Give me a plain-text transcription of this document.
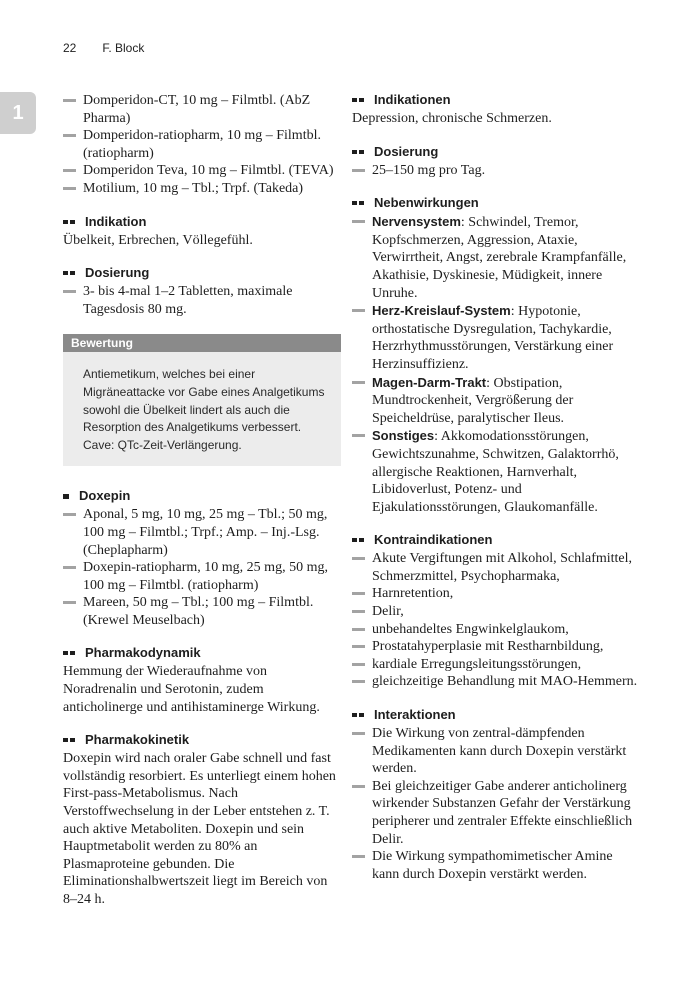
22 F. Block
1
Domperidon-CT, 10 mg – Filmtbl. (AbZ Pharma)
Domperidon-ratiopharm, 10 mg – Filmtbl. (ratiopharm)
Domperidon Teva, 10 mg – Filmtbl. (TEVA)
Motilium, 10 mg – Tbl.; Trpf. (Takeda)
Indikation

Übelkeit, Erbrechen, Völlegefühl.

Dosierung
3- bis 4-mal 1–2 Tabletten, maximale Tagesdosis 80 mg.
Bewertung
Antiemetikum, welches bei einer Migräneattacke vor Gabe eines Analgetikums sowohl die Übelkeit lindert als auch die Resorption des Analgetikums verbessert. Cave: QTc-Zeit-Verlängerung.
Doxepin
Aponal, 5 mg, 10 mg, 25 mg – Tbl.; 50 mg, 100 mg – Filmtbl.; Trpf.; Amp. – Inj.-Lsg. (Cheplapharm)
Doxepin-ratiopharm, 10 mg, 25 mg, 50 mg, 100 mg – Filmtbl. (ratiopharm)
Mareen, 50 mg – Tbl.; 100 mg – Filmtbl. (Krewel Meuselbach)
Pharmakodynamik

Hemmung der Wiederaufnahme von Noradrenalin und Serotonin, zudem anticholinerge und antihistaminerge Wirkung.

Pharmakokinetik

Doxepin wird nach oraler Gabe schnell und fast vollständig resorbiert. Es unterliegt einem hohen First-pass-Metabolismus. Nach Verstoffwechselung in der Leber entstehen z. T. auch aktive Metaboliten. Doxepin und sein Hauptmetabolit werden zu 80% an Plasmaproteine gebunden. Die Eliminationshalbwertszeit liegt im Bereich von 8–24 h.

Indikationen

Depression, chronische Schmerzen.

Dosierung
25–150 mg pro Tag.
Nebenwirkungen
Nervensystem: Schwindel, Tremor, Kopfschmerzen, Aggression, Ataxie, Verwirrtheit, Angst, zerebrale Krampfanfälle, Akathisie, Dyskinesie, Müdigkeit, innere Unruhe.
Herz-Kreislauf-System: Hypotonie, orthostatische Dysregulation, Tachykardie, Herzrhythmusstörungen, Verstärkung einer Herzinsuffizienz.
Magen-Darm-Trakt: Obstipation, Mundtrockenheit, Vergrößerung der Speicheldrüse, paralytischer Ileus.
Sonstiges: Akkomodationsstörungen, Gewichtszunahme, Schwitzen, Galaktorrhö, allergische Reaktionen, Harnverhalt, Libidoverlust, Potenz- und Ejakulationsstörungen, Glaukomanfälle.
Kontraindikationen
Akute Vergiftungen mit Alkohol, Schlafmittel, Schmerzmittel, Psychopharmaka,
Harnretention,
Delir,
unbehandeltes Engwinkelglaukom,
Prostatahyperplasie mit Restharnbildung,
kardiale Erregungsleitungsstörungen,
gleichzeitige Behandlung mit MAO-Hemmern.
Interaktionen
Die Wirkung von zentral-dämpfenden Medikamenten kann durch Doxepin verstärkt werden.
Bei gleichzeitiger Gabe anderer anticholinerg wirkender Substanzen Gefahr der Verstärkung peripherer und zentraler Effekte einschließlich Delir.
Die Wirkung sympathomimetischer Amine kann durch Doxepin verstärkt werden.
